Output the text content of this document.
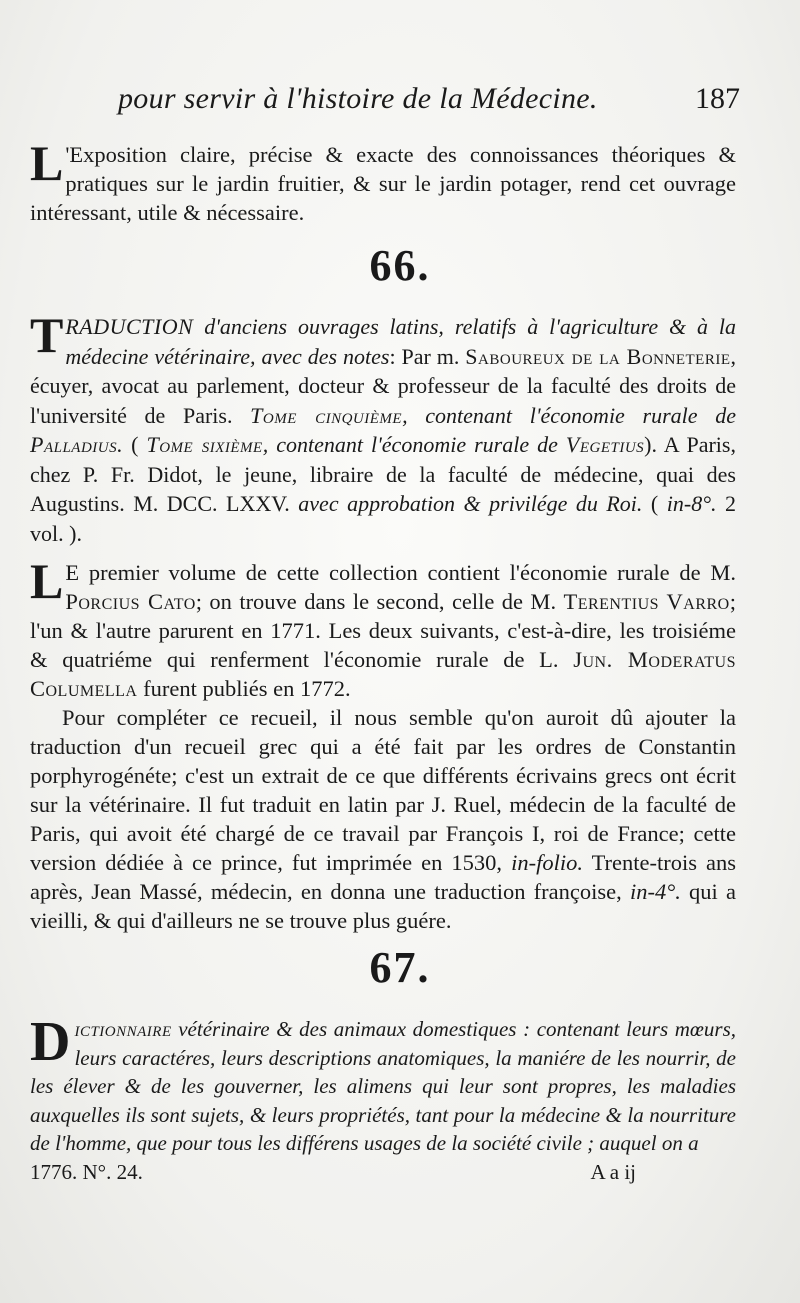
pour servir à l'histoire de la Médecine.	187
L 'Exposition claire, précise & exacte des connoissances théoriques & pratiques sur le jardin fruitier, & sur le jardin potager, rend cet ouvrage intéressant, utile & nécessaire.
66.
TRADUCTION d'anciens ouvrages latins, relatifs à l'agriculture & à la médecine vétérinaire, avec des notes: Par m. Saboureux de la Bonneterie, écuyer, avocat au parlement, docteur & professeur de la faculté des droits de l'université de Paris. Tome cinquième, contenant l'économie rurale de Palladius. ( Tome sixième, contenant l'économie rurale de Vegetius). A Paris, chez P. Fr. Didot, le jeune, libraire de la faculté de médecine, quai des Augustins. M. DCC. LXXV. avec approbation & privilége du Roi. ( in-8°. 2 vol. ).
L E premier volume de cette collection contient l'économie rurale de M. Porcius Cato; on trouve dans le second, celle de M. Terentius Varro; l'un & l'autre parurent en 1771. Les deux suivants, c'est-à-dire, les troisiéme & quatriéme qui renferment l'économie rurale de L. Jun. Moderatus Columella furent publiés en 1772.
Pour compléter ce recueil, il nous semble qu'on auroit dû ajouter la traduction d'un recueil grec qui a été fait par les ordres de Constantin porphyrogénéte; c'est un extrait de ce que différents écrivains grecs ont écrit sur la vétérinaire. Il fut traduit en latin par J. Ruel, médecin de la faculté de Paris, qui avoit été chargé de ce travail par François I, roi de France; cette version dédiée à ce prince, fut imprimée en 1530, in-folio. Trente-trois ans après, Jean Massé, médecin, en donna une traduction françoise, in-4°. qui a vieilli, & qui d'ailleurs ne se trouve plus guére.
67.
Dictionnaire vétérinaire & des animaux domestiques : contenant leurs mœurs, leurs caractéres, leurs descriptions anatomiques, la maniére de les nourrir, de les élever & de les gouverner, les alimens qui leur sont propres, les maladies auxquelles ils sont sujets, & leurs propriétés, tant pour la médecine & la nourriture de l'homme, que pour tous les différens usages de la société civile ; auquel on a
1776. N°. 24.	A a ij
